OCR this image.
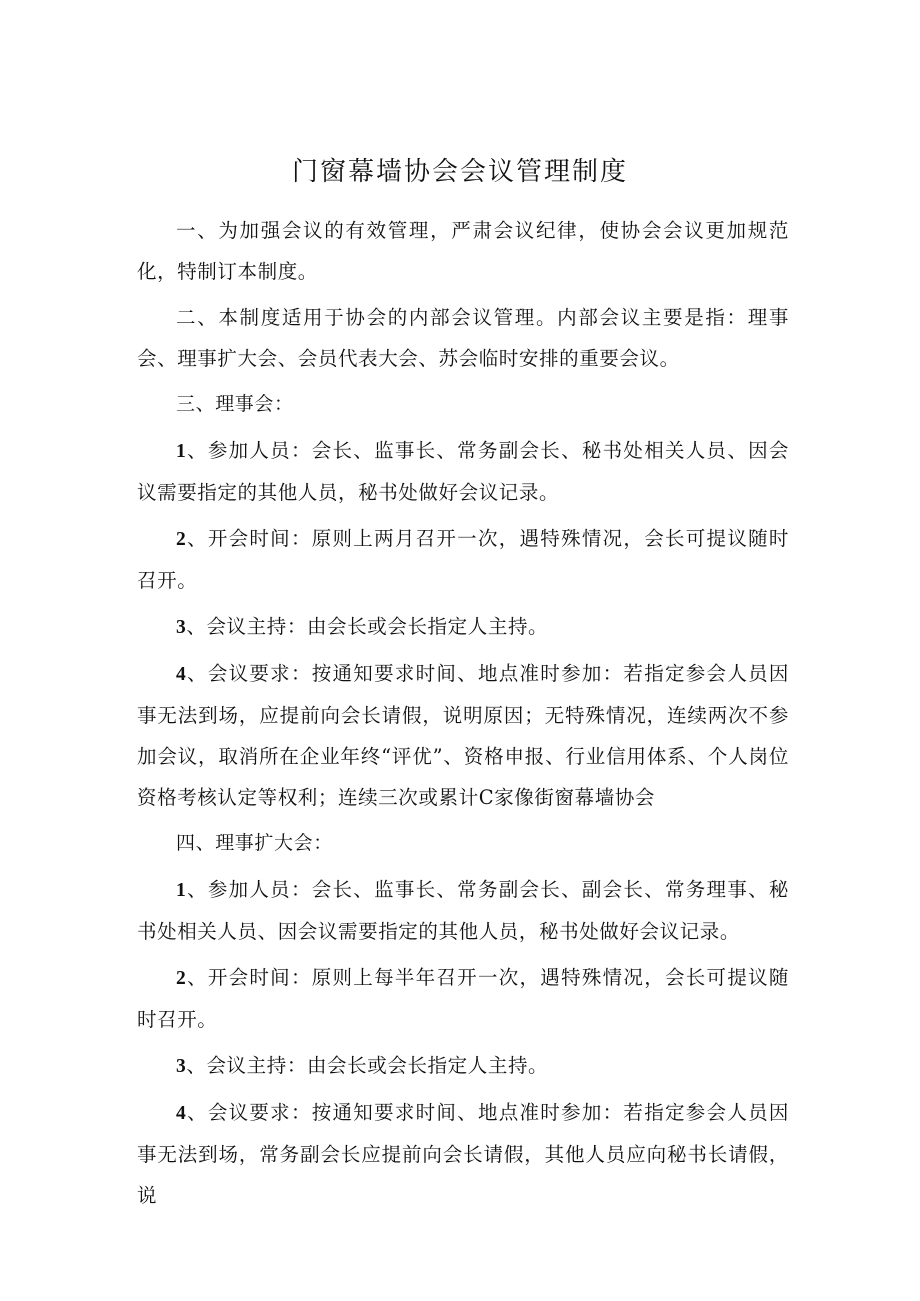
门窗幕墙协会会议管理制度

一、为加强会议的有效管理，严肃会议纪律，使协会会议更加规范化，特制订本制度。

二、本制度适用于协会的内部会议管理。内部会议主要是指：理事会、理事扩大会、会员代表大会、苏会临时安排的重要会议。

三、理事会：

1、参加人员：会长、监事长、常务副会长、秘书处相关人员、因会议需要指定的其他人员，秘书处做好会议记录。

2、开会时间：原则上两月召开一次，遇特殊情况，会长可提议随时召开。

3、会议主持：由会长或会长指定人主持。

4、会议要求：按通知要求时间、地点准时参加：若指定参会人员因事无法到场，应提前向会长请假，说明原因；无特殊情况，连续两次不参加会议，取消所在企业年终“评优”、资格申报、行业信用体系、个人岗位资格考核认定等权利；连续三次或累计C家像街窗幕墙协会

四、理事扩大会：

1、参加人员：会长、监事长、常务副会长、副会长、常务理事、秘书处相关人员、因会议需要指定的其他人员，秘书处做好会议记录。

2、开会时间：原则上每半年召开一次，遇特殊情况，会长可提议随时召开。

3、会议主持：由会长或会长指定人主持。

4、会议要求：按通知要求时间、地点准时参加：若指定参会人员因事无法到场，常务副会长应提前向会长请假，其他人员应向秘书长请假，说
